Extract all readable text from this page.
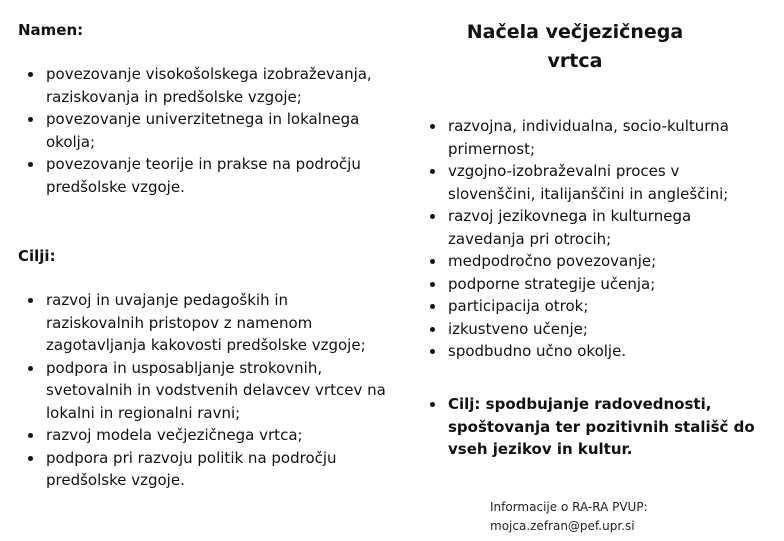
Namen:

povezovanje visokošolskega izobraževanja, raziskovanja in predšolske vzgoje;
povezovanje univerzitetnega in lokalnega okolja;
povezovanje teorije in prakse na področju predšolske vzgoje.

Cilji:

razvoj in uvajanje pedagoških in raziskovalnih pristopov z namenom zagotavljanja kakovosti predšolske vzgoje;
podpora in usposabljanje strokovnih, svetovalnih in vodstvenih delavcev vrtcev na lokalni in regionalni ravni;
razvoj modela večjezičnega vrtca;
podpora pri razvoju politik na področju predšolske vzgoje.
Načela večjezičnega
vrtca
razvojna, individualna, socio-kulturna primernost;
vzgojno-izobraževalni proces v slovenščini, italijanščini in angleščini;
razvoj jezikovnega in kulturnega zavedanja pri otrocih;
medpodročno povezovanje;
podporne strategije učenja;
participacija otrok;
izkustveno učenje;
spodbudno učno okolje.
Cilj: spodbujanje radovednosti, spoštovanja ter pozitivnih stališč do vseh jezikov in kultur.
Informacije o RA-RA PVUP:
mojca.zefran@pef.upr.si
